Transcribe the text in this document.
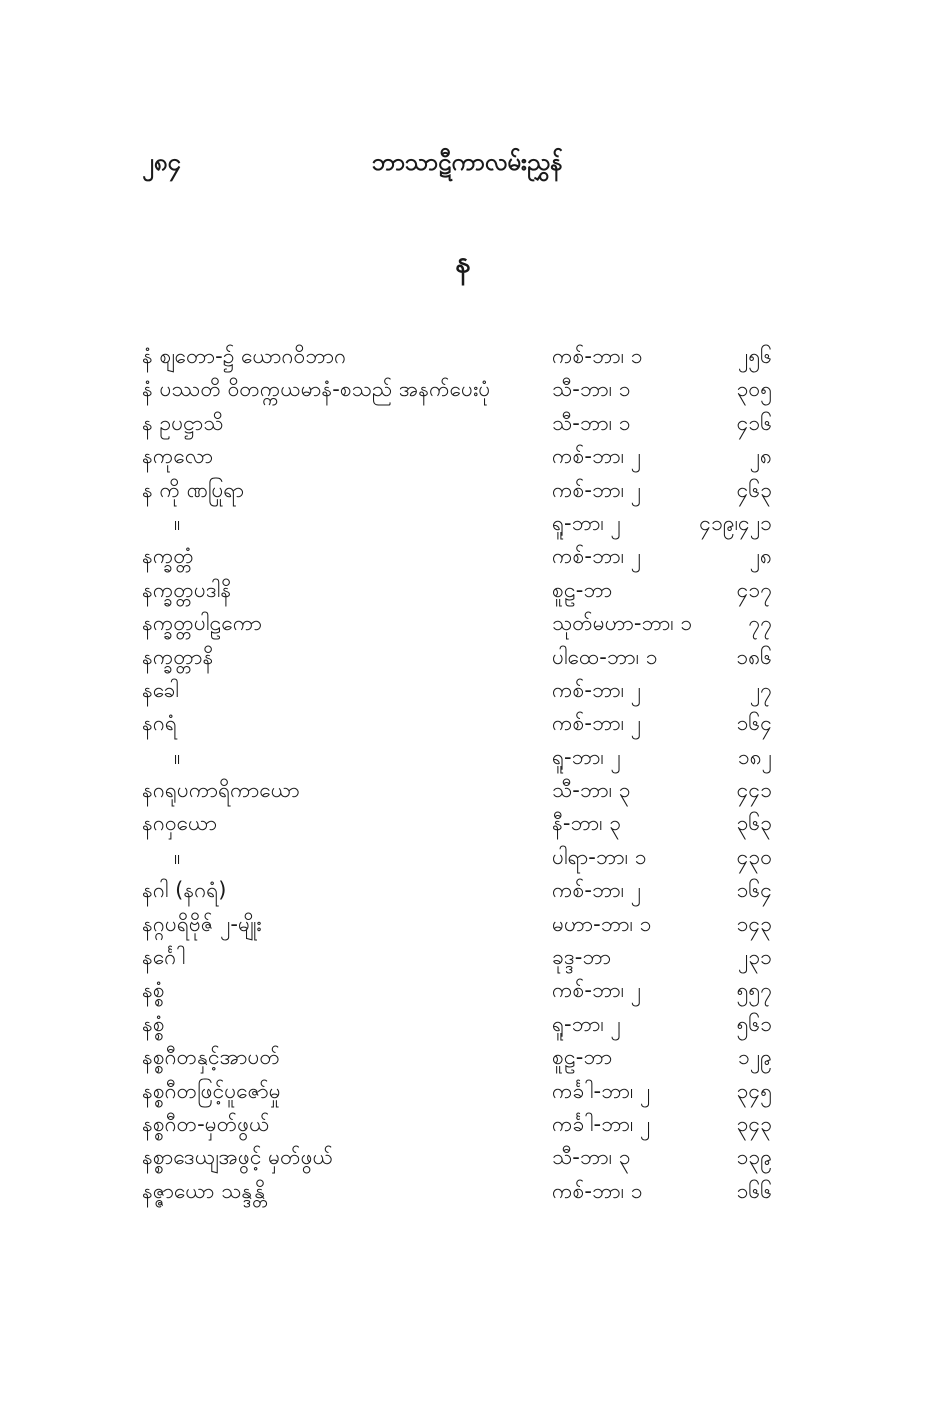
၂၈၄	ဘာသာဋီကာလမ်းညွှန်
န
နံ စျတော-၌ ယောဂဝိဘာဂ	ကစ်-ဘာ၊ ၁	၂၅၆
နံ ပဿတိ ဝိတက္ကယမာနံ-စသည် အနက်ပေးပုံ	သီ-ဘာ၊ ၁	၃၀၅
န ဥပဋ္ဌာသိ	သီ-ဘာ၊ ၁	၄၁၆
နကုလော	ကစ်-ဘာ၊ ၂	၂၈
န ကို ဏပြုရာ	ကစ်-ဘာ၊ ၂	၄၆၃
။	ရူ-ဘာ၊ ၂	၄၁၉၊၄၂၁
နက္ခတ္တံ	ကစ်-ဘာ၊ ၂	၂၈
နက္ခတ္တပဒါနိ	စူဠ-ဘာ	၄၁၇
နက္ခတ္တပါဠကော	သုတ်မဟာ-ဘာ၊ ၁	၇၇
နက္ခတ္တာနိ	ပါထေ-ဘာ၊ ၁	၁၈၆
နခေါ	ကစ်-ဘာ၊ ၂	၂၇
နဂရံ	ကစ်-ဘာ၊ ၂	၁၆၄
။	ရူ-ဘာ၊ ၂	၁၈၂
နဂရုပကာရိကာယော	သီ-ဘာ၊ ၃	၄၄၁
နဂဝှယော	နီ-ဘာ၊ ၃	၃၆၃
။	ပါရာ-ဘာ၊ ၁	၄၃၀
နဂါ (နဂရံ)	ကစ်-ဘာ၊ ၂	၁၆၄
နဂ္ဂပရိဗိုဇ် ၂-မျိုး	မဟာ-ဘာ၊ ၁	၁၄၃
နင်္ဂေါ	ခုဒ္ဒ-ဘာ	၂၃၁
နစ္စံ	ကစ်-ဘာ၊ ၂	၅၅၇
နစ္စံ	ရူ-ဘာ၊ ၂	၅၆၁
နစ္စဂီတနှင့်အာပတ်	စူဠ-ဘာ	၁၂၉
နစ္စဂီတဖြင့်ပူဇော်မှု	ကင်္ခါ-ဘာ၊ ၂	၃၄၅
နစ္စဂီတ-မှတ်ဖွယ်	ကင်္ခါ-ဘာ၊ ၂	၃၄၃
နစ္စာဒေယျအဖွင့် မှတ်ဖွယ်	သီ-ဘာ၊ ၃	၁၃၉
နဇ္ဇာယော သန္ဒန္တိ	ကစ်-ဘာ၊ ၁	၁၆၆
